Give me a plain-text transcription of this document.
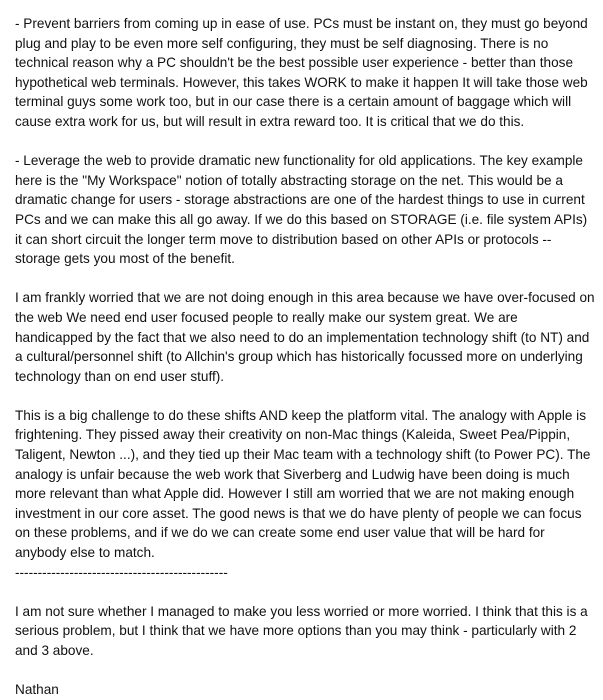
- Prevent barriers from coming up in ease of use. PCs must be instant on, they must go beyond plug and play to be even more self configuring, they must be self diagnosing. There is no technical reason why a PC shouldn't be the best possible user experience - better than those hypothetical web terminals. However, this takes WORK to make it happen It will take those web terminal guys some work too, but in our case there is a certain amount of baggage which will cause extra work for us, but will result in extra reward too. It is critical that we do this.

- Leverage the web to provide dramatic new functionality for old applications. The key example here is the "My Workspace" notion of totally abstracting storage on the net. This would be a dramatic change for users - storage abstractions are one of the hardest things to use in current PCs and we can make this all go away. If we do this based on STORAGE (i.e. file system APIs) it can short circuit the longer term move to distribution based on other APIs or protocols -- storage gets you most of the benefit.

I am frankly worried that we are not doing enough in this area because we have over-focused on the web We need end user focused people to really make our system great. We are handicapped by the fact that we also need to do an implementation technology shift (to NT) and a cultural/personnel shift (to Allchin's group which has historically focussed more on underlying technology than on end user stuff).

This is a big challenge to do these shifts AND keep the platform vital. The analogy with Apple is frightening. They pissed away their creativity on non-Mac things (Kaleida, Sweet Pea/Pippin, Taligent, Newton ...), and they tied up their Mac team with a technology shift (to Power PC). The analogy is unfair because the web work that Siverberg and Ludwig have been doing is much more relevant than what Apple did. However I still am worried that we are not making enough investment in our core asset. The good news is that we do have plenty of people we can focus on these problems, and if we do we can create some end user value that will be hard for anybody else to match.

-----------------------------------------------

I am not sure whether I managed to make you less worried or more worried. I think that this is a serious problem, but I think that we have more options than you may think - particularly with 2 and 3 above.

Nathan
